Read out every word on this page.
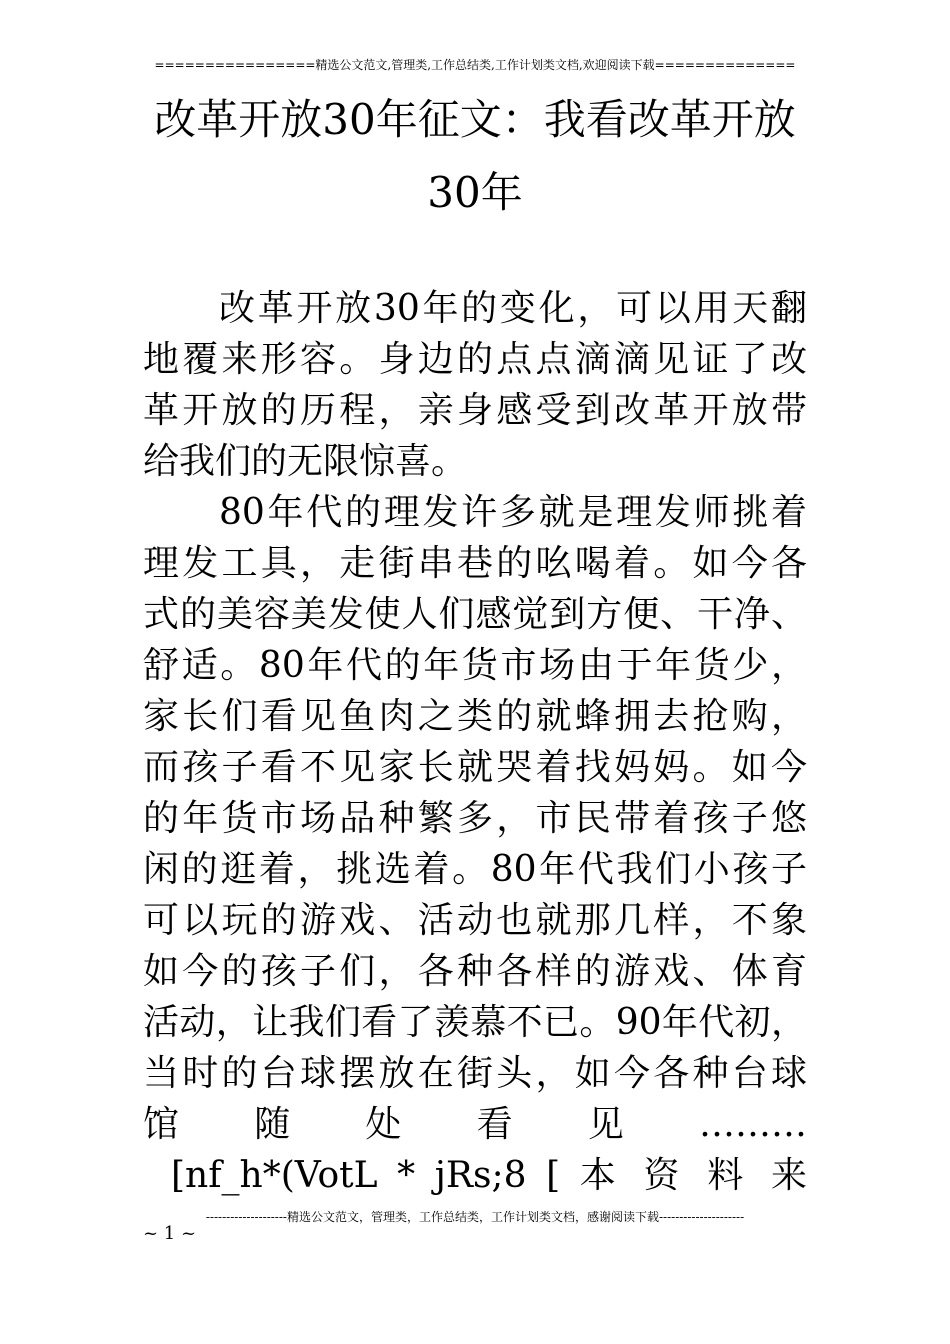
================精选公文范文,管理类,工作总结类,工作计划类文档,欢迎阅读下载==============
改革开放30年征文：我看改革开放
30年
改革开放30年的变化，可以用天翻
地覆来形容。身边的点点滴滴见证了改
革开放的历程，亲身感受到改革开放带
给我们的无限惊喜。
80年代的理发许多就是理发师挑着
理发工具，走街串巷的吆喝着。如今各
式的美容美发使人们感觉到方便、干净、
舒适。80年代的年货市场由于年货少，
家长们看见鱼肉之类的就蜂拥去抢购，
而孩子看不见家长就哭着找妈妈。如今
的年货市场品种繁多，市民带着孩子悠
闲的逛着，挑选着。80年代我们小孩子
可以玩的游戏、活动也就那几样，不象
如今的孩子们，各种各样的游戏、体育
活动，让我们看了羡慕不已。90年代初，
当时的台球摆放在街头，如今各种台球
馆 随 处 看 见 ………
[nf_h*(VotL * jRs;8 [ 本 资 料 来
--------------------精选公文范文，管理类，工作总结类，工作计划类文档，感谢阅读下载---------------------
~ 1 ~
